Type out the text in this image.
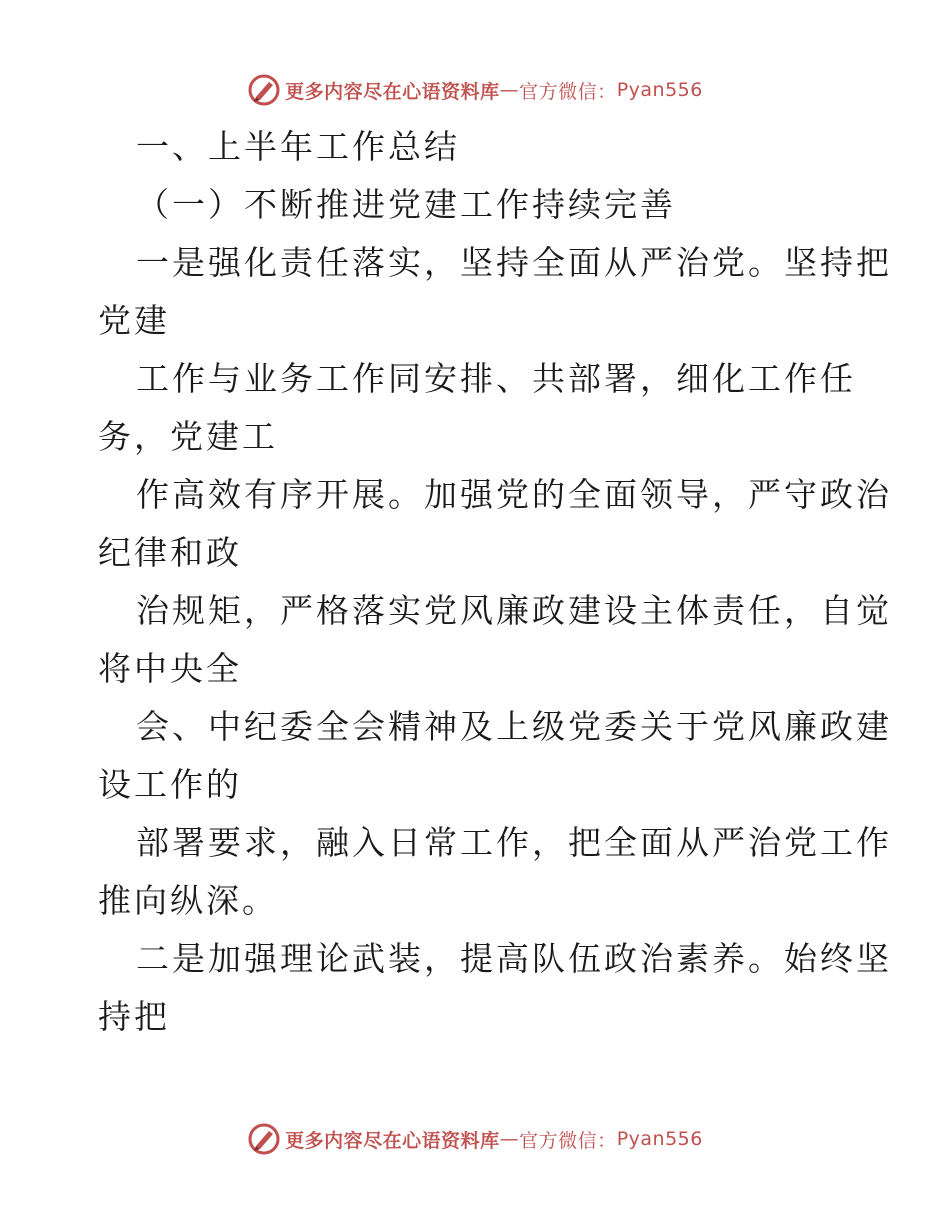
更多内容尽在心语资料库 — 官方微信： Pyan556
一、上半年工作总结
（一）不断推进党建工作持续完善
一是强化责任落实，坚持全面从严治党。坚持把
党建
工作与业务工作同安排、共部署，细化工作任
务，党建工
作高效有序开展。加强党的全面领导，严守政治
纪律和政
治规矩，严格落实党风廉政建设主体责任，自觉
将中央全
会、中纪委全会精神及上级党委关于党风廉政建
设工作的
部署要求，融入日常工作，把全面从严治党工作
推向纵深。
二是加强理论武装，提高队伍政治素养。始终坚
持把
更多内容尽在心语资料库 — 官方微信： Pyan556
